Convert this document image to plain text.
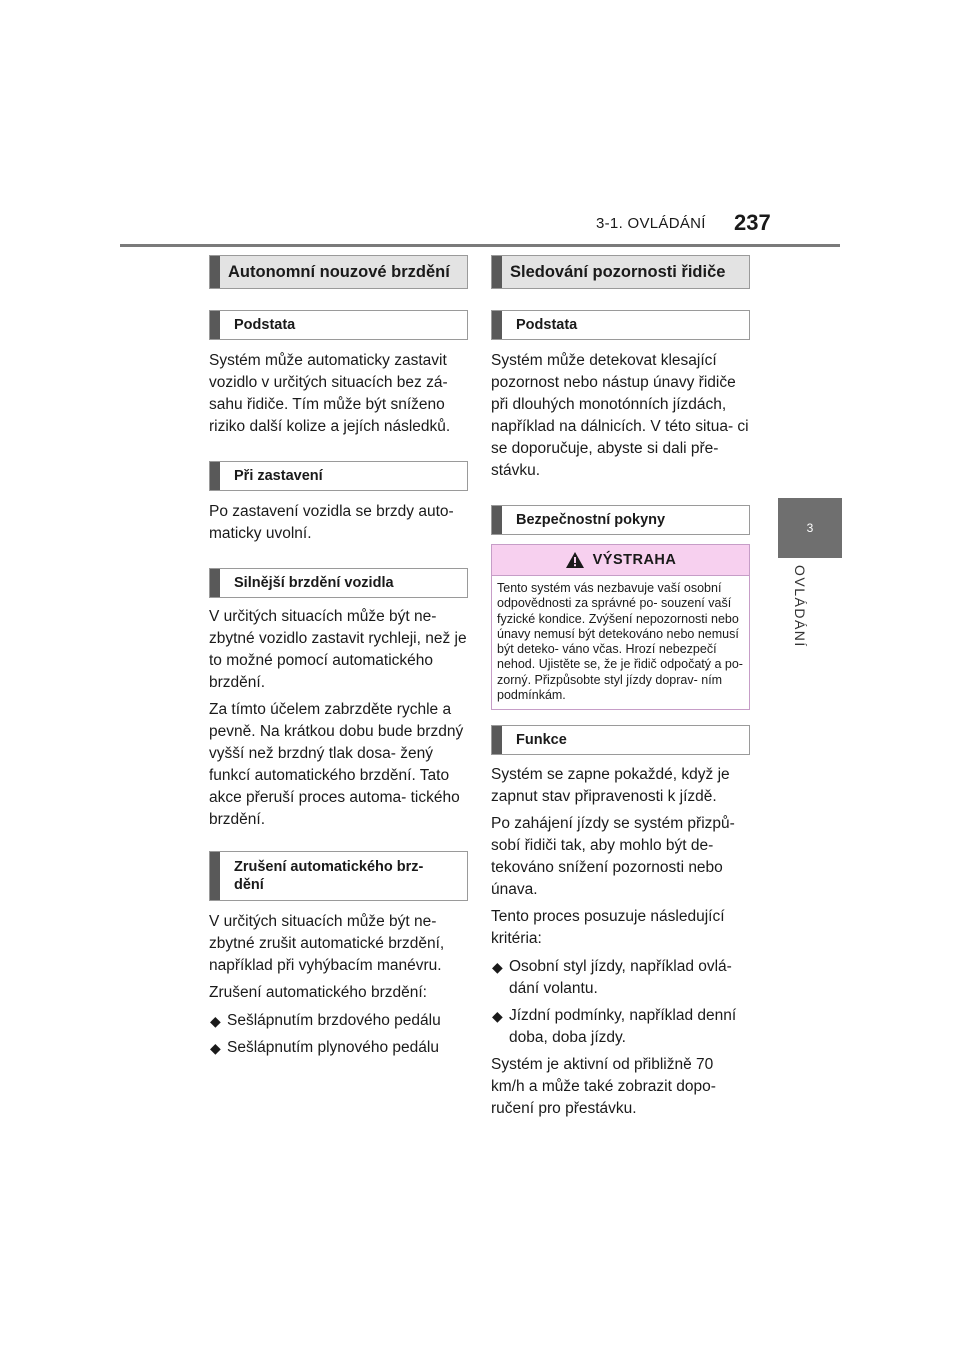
3-1. OVLÁDÁNÍ 237
3
OVLÁDÁNÍ
Autonomní nouzové brzdění
Podstata

Systém může automaticky zastavit vozidlo v určitých situacích bez zá- sahu řidiče. Tím může být sníženo riziko další kolize a jejích následků.

Při zastavení

Po zastavení vozidla se brzdy auto- maticky uvolní.

Silnější brzdění vozidla

V určitých situacích může být ne- zbytné vozidlo zastavit rychleji, než je to možné pomocí automatického brzdění.

Za tímto účelem zabrzděte rychle a pevně. Na krátkou dobu bude brzdný vyšší než brzdný tlak dosa- žený funkcí automatického brzdění. Tato akce přeruší proces automa- tického brzdění.

Zrušení automatického brz- dění

V určitých situacích může být ne- zbytné zrušit automatické brzdění, například při vyhýbacím manévru.

Zrušení automatického brzdění:

◆ Sešlápnutím brzdového pedálu
◆ Sešlápnutím plynového pedálu
Sledování pozornosti řidiče
Podstata

Systém může detekovat klesající pozornost nebo nástup únavy řidiče při dlouhých monotónních jízdách, například na dálnicích. V této situa- ci se doporučuje, abyste si dali pře- stávku.

Bezpečnostní pokyny
VÝSTRAHA
Tento systém vás nezbavuje vaší osobní odpovědnosti za správné po- souzení vaší fyzické kondice. Zvýšení nepozornosti nebo únavy nemusí být detekováno nebo nemusí být deteko- váno včas. Hrozí nebezpečí nehod. Ujistěte se, že je řidič odpočatý a po- zorný. Přizpůsobte styl jízdy doprav- ním podmínkám.
Funkce

Systém se zapne pokaždé, když je zapnut stav připravenosti k jízdě.

Po zahájení jízdy se systém přizpů- sobí řidiči tak, aby mohlo být de- tekováno snížení pozornosti nebo únava.

Tento proces posuzuje následující kritéria:

◆ Osobní styl jízdy, například ovlá- dání volantu.
◆ Jízdní podmínky, například denní doba, doba jízdy.

Systém je aktivní od přibližně 70 km/h a může také zobrazit dopo- ručení pro přestávku.
